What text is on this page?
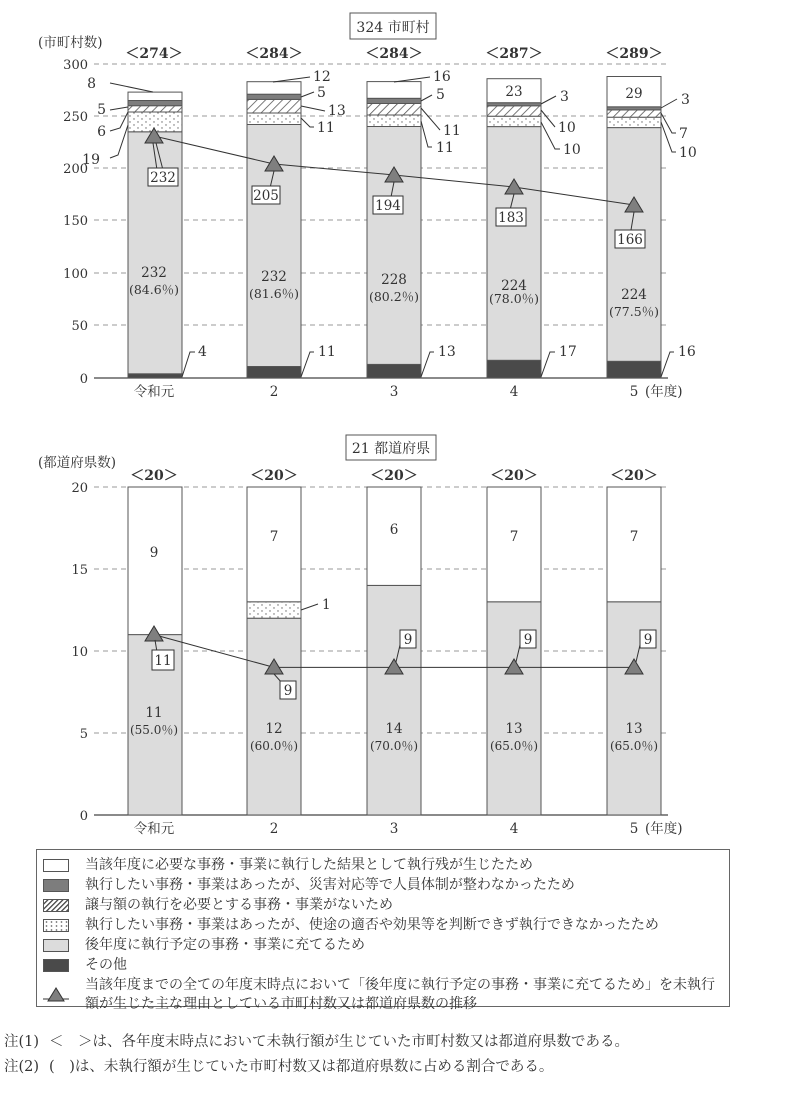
324 市町村
(市町村数)
0
50
100
150
200
250
300
＜274＞	＜284＞	＜284＞	＜287＞	＜289＞
232
(84.6％)
232
(81.6％)
228
(80.2％)
224
(78.0％)	224
(77.5％)
23	29
8
5
6
19
4
12
5
13
11
11
16
5
11
11
13
3
10
10
17
3
7
10
16
232
205
194
183
166
令和元	2	3	4	5 (年度)
21 都道府県
(都道府県数)
0
5
10
15
20
＜20＞	＜20＞	＜20＞	＜20＞	＜20＞
9
7	6	7	7
1
11
(55.0％)	12
(60.0％)
14
(70.0％)
13
(65.0％)
13
(65.0％)
11
9
9	9	9
令和元	2	3	4	5 (年度)
当該年度に必要な事務・事業に執行した結果として執行残が生じたため
執行したい事務・事業はあったが、災害対応等で人員体制が整わなかったため
譲与額の執行を必要とする事務・事業がないため
執行したい事務・事業はあったが、使途の適否や効果等を判断できず執行できなかったため
後年度に執行予定の事務・事業に充てるため
その他
当該年度までの全ての年度末時点において「後年度に執行予定の事務・事業に充てるため」を未執行額が生じた主な理由としている市町村数又は都道府県数の推移
注(1) ＜　＞は、各年度末時点において未執行額が生じていた市町村数又は都道府県数である。
注(2) (　)は、未執行額が生じていた市町村数又は都道府県数に占める割合である。
